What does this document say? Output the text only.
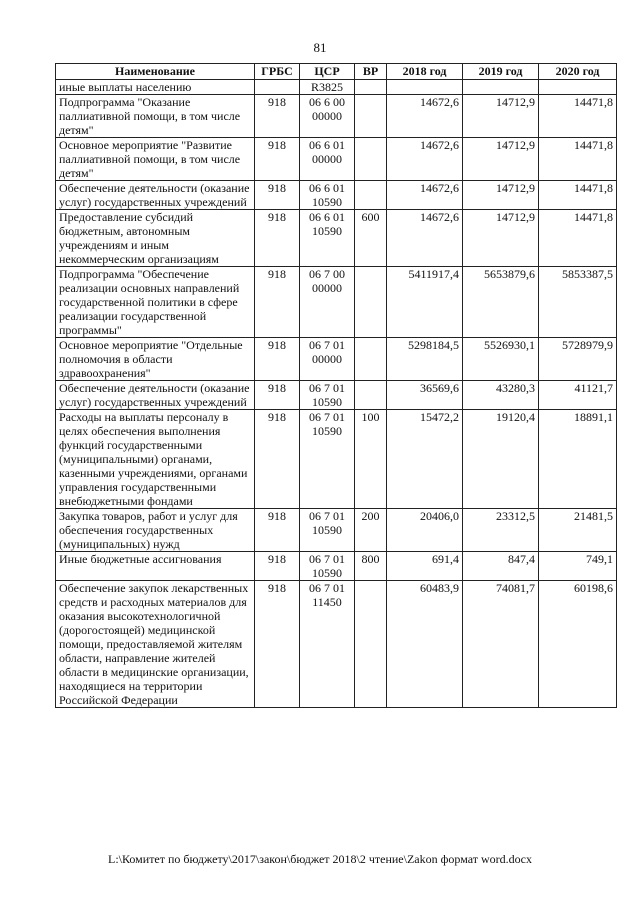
81
Наименование	ГРБС	ЦСР	ВР	2018 год	2019 год	2020 год
иные выплаты населению		R3825				
Подпрограмма "Оказание паллиативной помощи, в том числе детям"	918	06 6 00 00000		14672,6	14712,9	14471,8
Основное мероприятие "Развитие паллиативной помощи, в том числе детям"	918	06 6 01 00000		14672,6	14712,9	14471,8
Обеспечение деятельности (оказание услуг) государственных учреждений	918	06 6 01 10590		14672,6	14712,9	14471,8
Предоставление субсидий бюджетным, автономным учреждениям и иным некоммерческим организациям	918	06 6 01 10590	600	14672,6	14712,9	14471,8
Подпрограмма "Обеспечение реализации основных направлений государственной политики в сфере реализации государственной программы"	918	06 7 00 00000		5411917,4	5653879,6	5853387,5
Основное мероприятие "Отдельные полномочия в области здравоохранения"	918	06 7 01 00000		5298184,5	5526930,1	5728979,9
Обеспечение деятельности (оказание услуг) государственных учреждений	918	06 7 01 10590		36569,6	43280,3	41121,7
Расходы на выплаты персоналу в целях обеспечения выполнения функций государственными (муниципальными) органами, казенными учреждениями, органами управления государственными внебюджетными фондами	918	06 7 01 10590	100	15472,2	19120,4	18891,1
Закупка товаров, работ и услуг для обеспечения государственных (муниципальных) нужд	918	06 7 01 10590	200	20406,0	23312,5	21481,5
Иные бюджетные ассигнования	918	06 7 01 10590	800	691,4	847,4	749,1
Обеспечение закупок лекарственных средств и расходных материалов для оказания высокотехнологичной (дорогостоящей) медицинской помощи, предоставляемой жителям области, направление жителей области в медицинские организации, находящиеся на территории Российской Федерации	918	06 7 01 11450		60483,9	74081,7	60198,6
L:\Комитет по бюджету\2017\закон\бюджет 2018\2 чтение\Zakon формат word.docx
